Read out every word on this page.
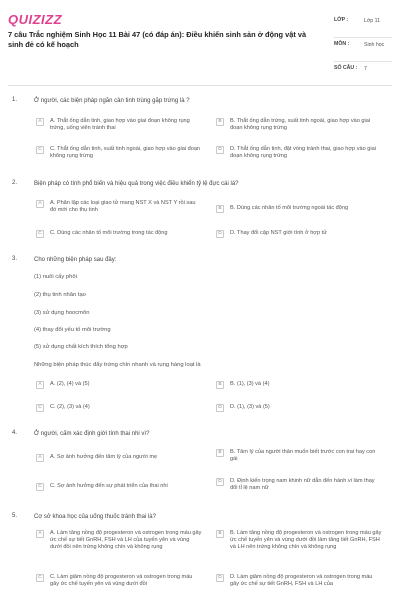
QUIZIZZ
7 câu Trắc nghiệm Sinh Học 11 Bài 47 (có đáp án): Điều khiển sinh sản ở động vật và sinh đẻ có kế hoạch
LỚP :	Lớp 11
MÔN :	Sinh học
SỐ CÂU :	7
1.	Ở người, các biện pháp ngăn cản tinh trùng gặp trứng là ?
A	A. Thắt ống dẫn tinh, giao hợp vào giai đoạn không rụng trứng, uống viên tránh thai
B	B. Thắt ống dẫn trứng, xuất tinh ngoài, giao hợp vào giai đoạn không rụng trứng
C	C. Thắt ống dẫn tinh, xuất tinh ngoài, giao hợp vào giai đoạn không rụng trứng
D	D. Thắt ống dẫn tinh, đặt vòng tránh thai, giao hợp vào giai đoạn không rụng trứng
2.	Biện pháp có tính phổ biến và hiệu quả trong việc điều khiển tỷ lệ đực cái là?
A	A. Phân lập các loại giao tử mang NST X và NST Y rồi sau đó mới cho thụ tinh	B	B. Dùng các nhân tố môi trường ngoài tác động
C	C. Dùng các nhân tố môi trường trong tác động	D	D. Thay đổi cặp NST giới tính ở hợp tử
3.	Cho những biện pháp sau đây:
(1) nuôi cấy phôi
(2) thụ tinh nhân tạo
(3) sử dụng hoocmôn
(4) thay đổi yếu tố môi trường
(5) sử dụng chất kích thích tổng hợp
Những biện pháp thúc đẩy trứng chín nhanh và rụng hàng loạt là
A	A. (2), (4) và (5)	B	B. (1), (3) và (4)
C	C. (2), (3) và (4)	D	D. (1), (3) và (5)
4.	Ở người, cấm xác định giới tính thai nhi vì?
A	A. Sợ ảnh hưởng đến tâm lý của người mẹ
B	B. Tâm lý của người thân muốn biết trước con trai hay con gái
C	C. Sợ ảnh hưởng đến sự phát triển của thai nhi
D	D. Định kiến trọng nam khinh nữ dẫn đến hành vi làm thay đổi tỉ lệ nam nữ
5.	Cơ sở khoa học của uống thuốc tránh thai là?
A	A. Làm tăng nồng độ progesteron và ostrogen trong máu gây ức chế sự tiết GnRH, FSH và LH của tuyến yên và vùng dưới đồi nên trứng không chín và không rụng
B	B. Làm tăng nồng độ progesteron và ostrogen trong máu gây ức chế tuyến yên và vùng dưới đồi làm tăng tiết GnRH, FSH và LH nên trứng không chín và không rụng
C	C. Làm giảm nồng độ progesteron và ostrogen trong máu gây ức chế tuyến yên và vùng dưới đồi
D	D. Làm giảm nồng độ progesteron và ostrogen trong máu gây ức chế sự tiết GnRH, FSH và LH của
